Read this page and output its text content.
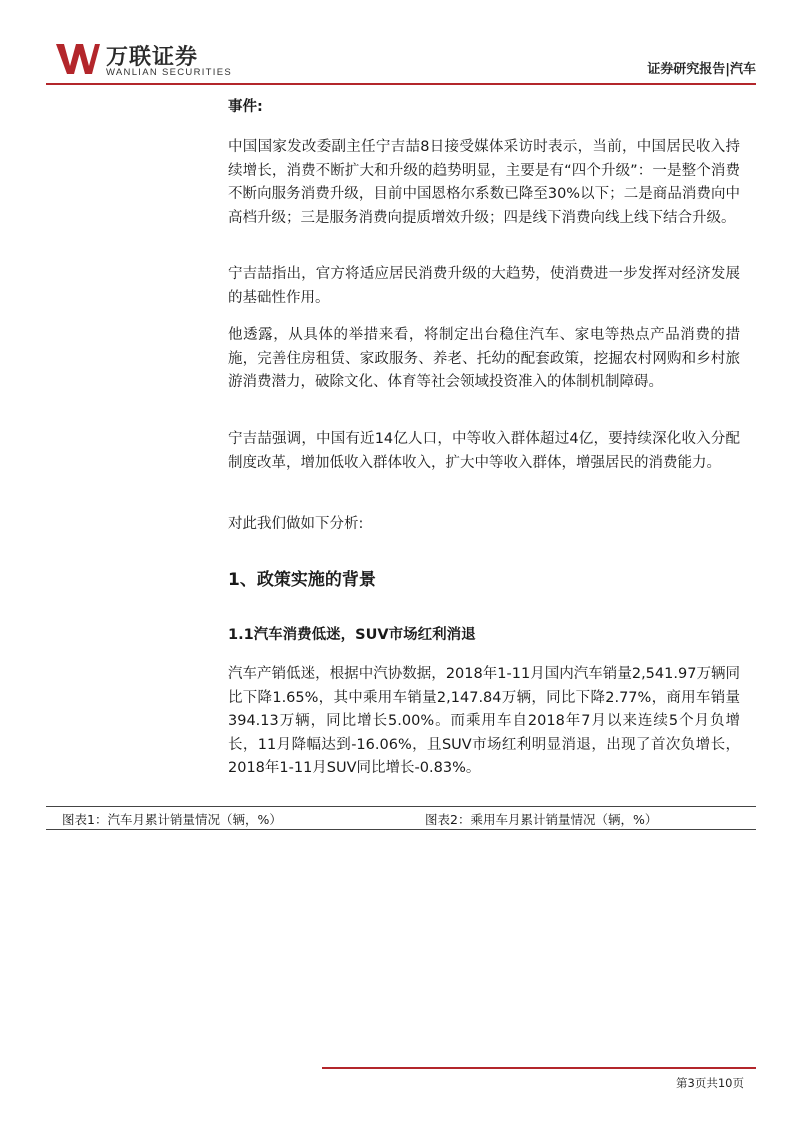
万联证券
WANLIAN SECURITIES	证券研究报告|汽车
事件:

中国国家发改委副主任宁吉喆8日接受媒体采访时表示，当前，中国居民收入持续增长，消费不断扩大和升级的趋势明显，主要是有“四个升级”：一是整个消费不断向服务消费升级，目前中国恩格尔系数已降至30%以下；二是商品消费向中高档升级；三是服务消费向提质增效升级；四是线下消费向线上线下结合升级。

宁吉喆指出，官方将适应居民消费升级的大趋势，使消费进一步发挥对经济发展的基础性作用。

他透露，从具体的举措来看，将制定出台稳住汽车、家电等热点产品消费的措施，完善住房租赁、家政服务、养老、托幼的配套政策，挖掘农村网购和乡村旅游消费潜力，破除文化、体育等社会领域投资准入的体制机制障碍。

宁吉喆强调，中国有近14亿人口，中等收入群体超过4亿，要持续深化收入分配制度改革，增加低收入群体收入，扩大中等收入群体，增强居民的消费能力。

对此我们做如下分析:

1、政策实施的背景
1.1汽车消费低迷，SUV市场红利消退

汽车产销低迷，根据中汽协数据，2018年1-11月国内汽车销量2,541.97万辆同比下降1.65%，其中乘用车销量2,147.84万辆，同比下降2.77%，商用车销量394.13万辆，同比增长5.00%。而乘用车自2018年7月以来连续5个月负增长，11月降幅达到-16.06%，且SUV市场红利明显消退，出现了首次负增长，2018年1-11月SUV同比增长-0.83%。

图表1：汽车月累计销量情况（辆，%）	图表2：乘用车月累计销量情况（辆，%）
第3页共10页
